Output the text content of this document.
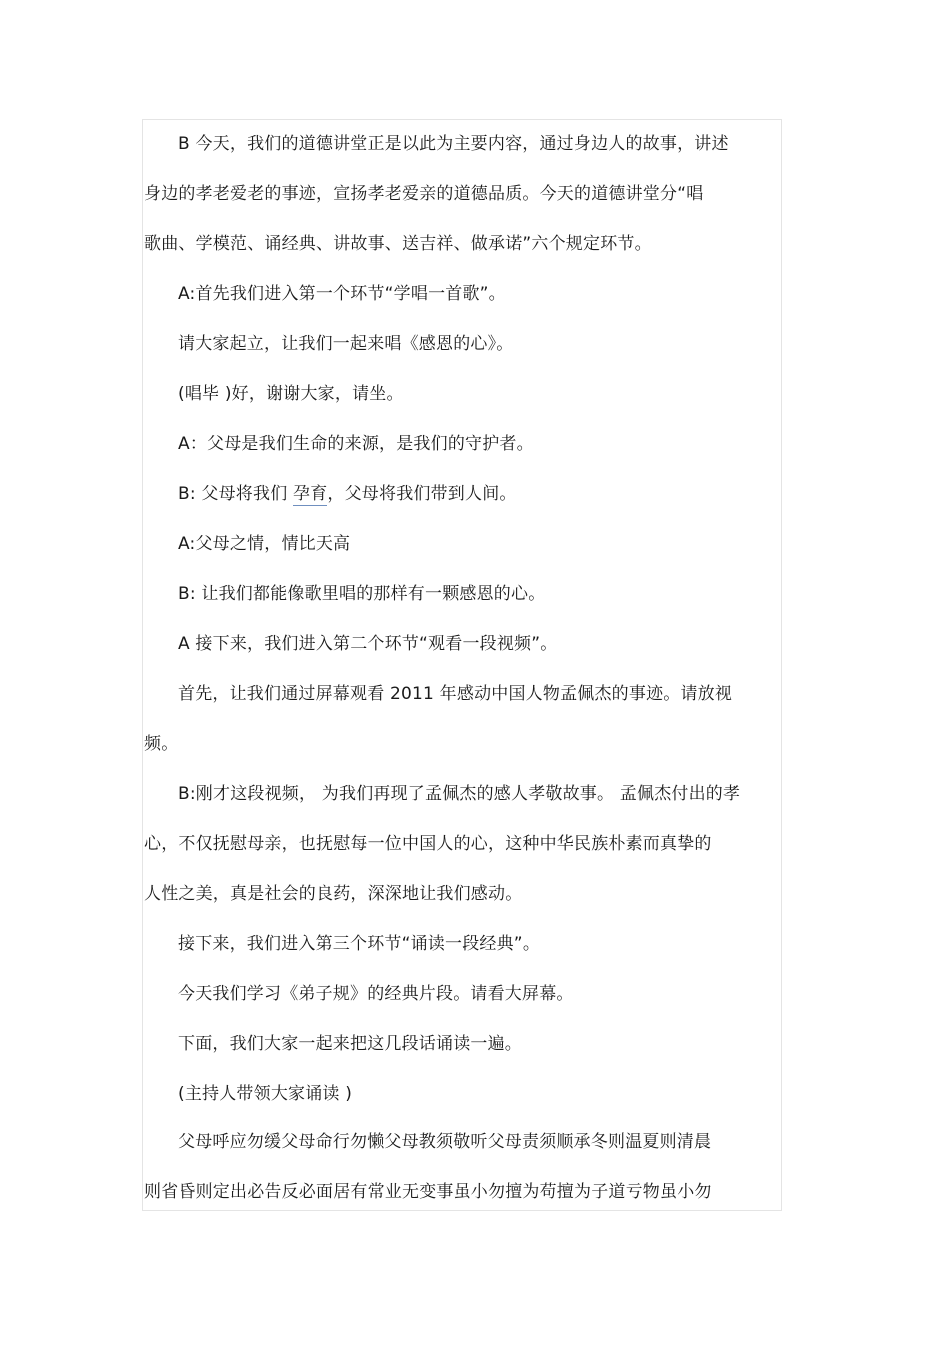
B 今天，我们的道德讲堂正是以此为主要内容，通过身边人的故事，讲述
身边的孝老爱老的事迹，宣扬孝老爱亲的道德品质。今天的道德讲堂分“唱
歌曲、学模范、诵经典、讲故事、送吉祥、做承诺”六个规定环节。
A:首先我们进入第一个环节“学唱一首歌”。
请大家起立，让我们一起来唱《感恩的心》。
(唱毕 )好，谢谢大家，请坐。
A：父母是我们生命的来源，是我们的守护者。
B: 父母将我们 孕育，父母将我们带到人间。
A:父母之情，情比天高
B: 让我们都能像歌里唱的那样有一颗感恩的心。
A 接下来，我们进入第二个环节“观看一段视频”。
首先，让我们通过屏幕观看 2011 年感动中国人物孟佩杰的事迹。请放视
频。
B:刚才这段视频， 为我们再现了孟佩杰的感人孝敬故事。 孟佩杰付出的孝
心，不仅抚慰母亲，也抚慰每一位中国人的心，这种中华民族朴素而真挚的
人性之美，真是社会的良药，深深地让我们感动。
接下来，我们进入第三个环节“诵读一段经典”。
今天我们学习《弟子规》的经典片段。请看大屏幕。
下面，我们大家一起来把这几段话诵读一遍。
(主持人带领大家诵读 )
父母呼应勿缓父母命行勿懒父母教须敬听父母责须顺承冬则温夏则清晨
则省昏则定出必告反必面居有常业无变事虽小勿擅为苟擅为子道亏物虽小勿
